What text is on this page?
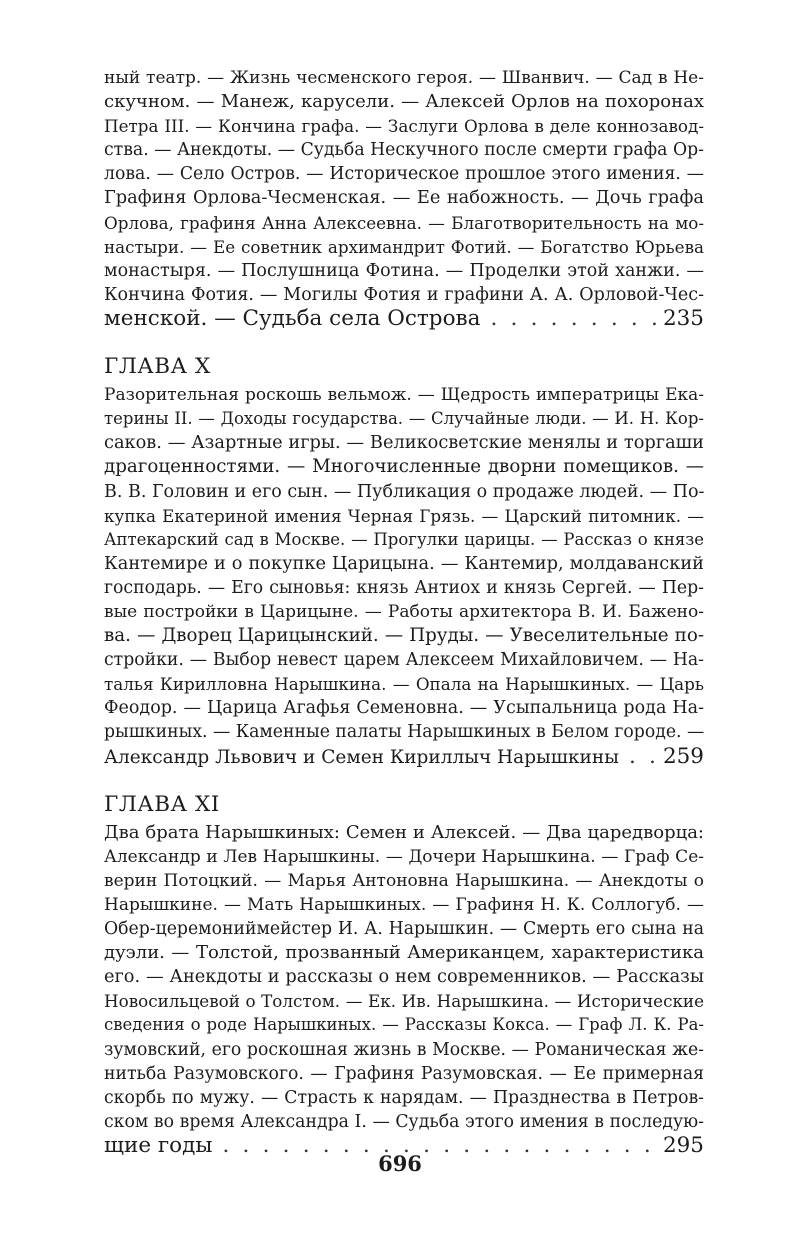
ный театр. — Жизнь чесменского героя. — Шванвич. — Сад в Не-
скучном. — Манеж, карусели. — Алексей Орлов на похоронах
Петра III. — Кончина графа. — Заслуги Орлова в деле коннозавод-
ства. — Анекдоты. — Судьба Нескучного после смерти графа Ор-
лова. — Село Остров. — Историческое прошлое этого имения. —
Графиня Орлова-Чесменская. — Ее набожность. — Дочь графа
Орлова, графиня Анна Алексеевна. — Благотворительность на мо-
настыри. — Ее советник архимандрит Фотий. — Богатство Юрьева
монастыря. — Послушница Фотина. — Проделки этой ханжи. —
Кончина Фотия. — Могилы Фотия и графини А. А. Орловой-Чес-
менской. — Судьба села Острова . . .	235
ГЛАВА X
Разорительная роскошь вельмож. — Щедрость императрицы Ека-
терины II. — Доходы государства. — Случайные люди. — И. Н. Кор-
саков. — Азартные игры. — Великосветские менялы и торгаши
драгоценностями. — Многочисленные дворни помещиков. —
В. В. Головин и его сын. — Публикация о продаже людей. — По-
купка Екатериной имения Черная Грязь. — Царский питомник. —
Аптекарский сад в Москве. — Прогулки царицы. — Рассказ о князе
Кантемире и о покупке Царицына. — Кантемир, молдаванский
господарь. — Его сыновья: князь Антиох и князь Сергей. — Пер-
вые постройки в Царицыне. — Работы архитектора В. И. Бажено-
ва. — Дворец Царицынский. — Пруды. — Увеселительные по-
стройки. — Выбор невест царем Алексеем Михайловичем. — На-
талья Кирилловна Нарышкина. — Опала на Нарышкиных. — Царь
Феодор. — Царица Агафья Семеновна. — Усыпальница рода На-
рышкиных. — Каменные палаты Нарышкиных в Белом городе. —
Александр Львович и Семен Кириллыч Нарышкины . . . 259
ГЛАВА XI
Два брата Нарышкиных: Семен и Алексей. — Два царедворца:
Александр и Лев Нарышкины. — Дочери Нарышкина. — Граф Се-
верин Потоцкий. — Марья Антоновна Нарышкина. — Анекдоты о
Нарышкине. — Мать Нарышкиных. — Графиня Н. К. Соллогуб. —
Обер-церемониймейстер И. А. Нарышкин. — Смерть его сына на
дуэли. — Толстой, прозванный Американцем, характеристика
его. — Анекдоты и рассказы о нем современников. — Рассказы
Новосильцевой о Толстом. — Ек. Ив. Нарышкина. — Исторические
сведения о роде Нарышкиных. — Рассказы Кокса. — Граф Л. К. Ра-
зумовский, его роскошная жизнь в Москве. — Романическая же-
нитьба Разумовского. — Графиня Разумовская. — Ее примерная
скорбь по мужу. — Страсть к нарядам. — Празднества в Петров-
ском во время Александра I. — Судьба этого имения в последую-
щие годы . . .	295
696
